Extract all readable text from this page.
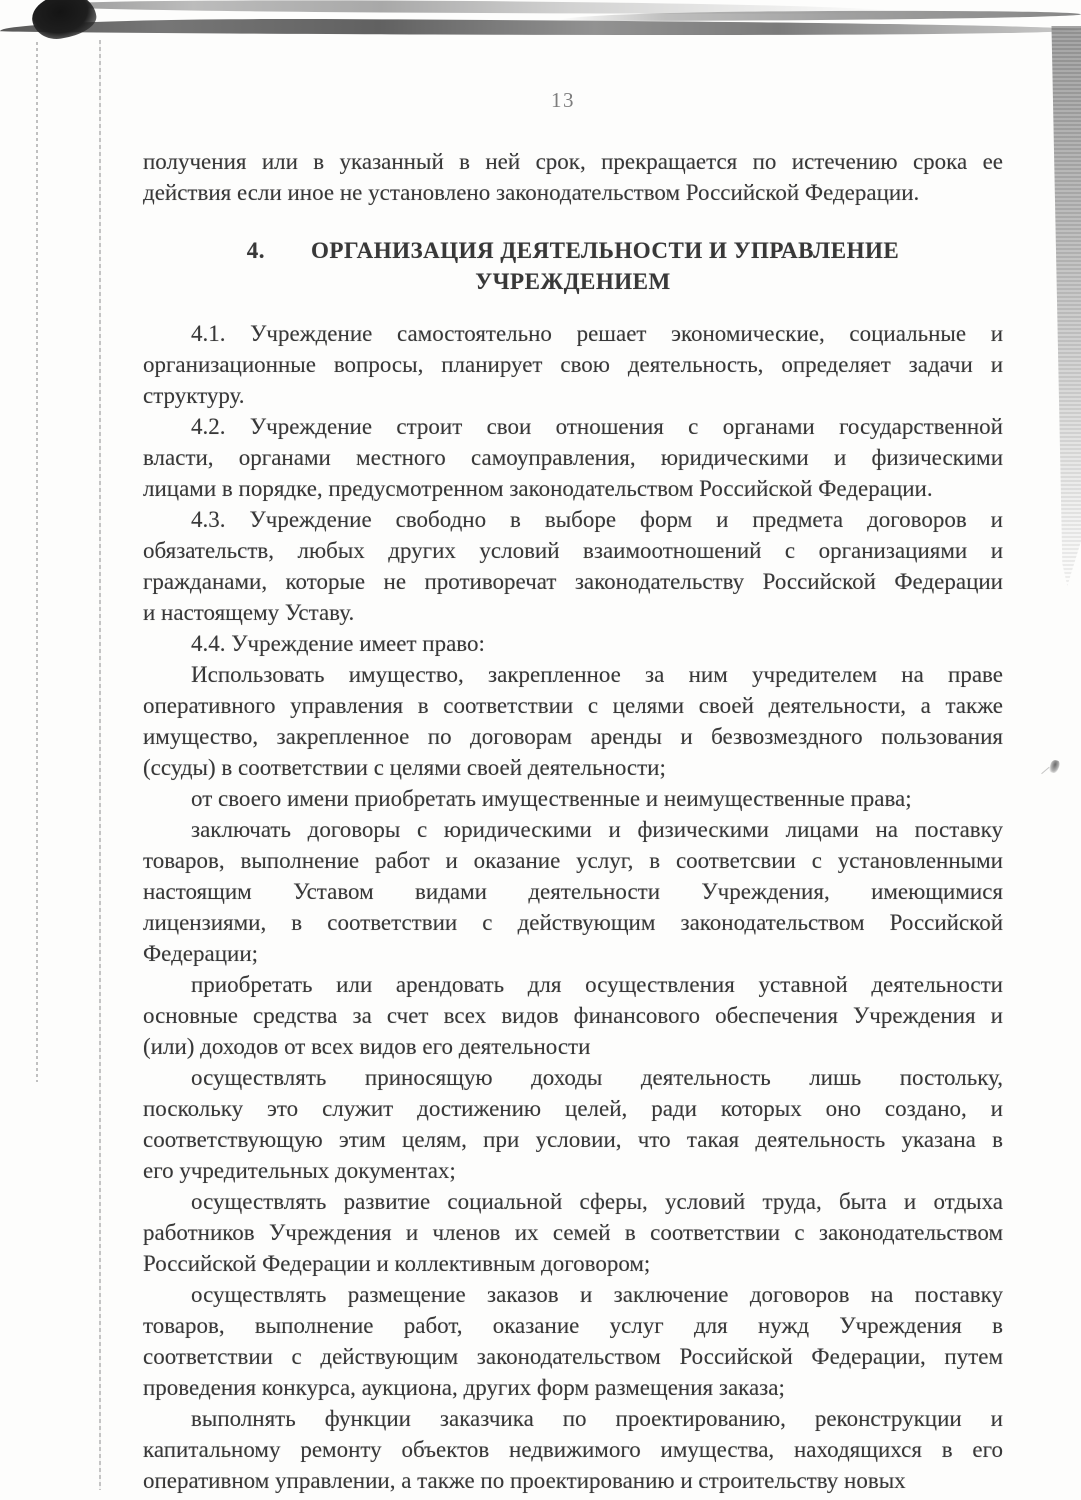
13

получения или в указанный в ней срок, прекращается по истечению срока ее
действия если иное не установлено законодательством Российской Федерации.

4. ОРГАНИЗАЦИЯ ДЕЯТЕЛЬНОСТИ И УПРАВЛЕНИЕ
УЧРЕЖДЕНИЕМ

4.1. Учреждение самостоятельно решает экономические, социальные и
организационные вопросы, планирует свою деятельность, определяет задачи и
структуру.

4.2. Учреждение строит свои отношения с органами государственной
власти, органами местного самоуправления, юридическими и физическими
лицами в порядке, предусмотренном законодательством Российской Федерации.

4.3. Учреждение свободно в выборе форм и предмета договоров и
обязательств, любых других условий взаимоотношений с организациями и
гражданами, которые не противоречат законодательству Российской Федерации
и настоящему Уставу.

4.4. Учреждение имеет право:

Использовать имущество, закрепленное за ним учредителем на праве
оперативного управления в соответствии с целями своей деятельности, а также
имущество, закрепленное по договорам аренды и безвозмездного пользования
(ссуды) в соответствии с целями своей деятельности;

от своего имени приобретать имущественные и неимущественные права;

заключать договоры с юридическими и физическими лицами на поставку
товаров, выполнение работ и оказание услуг, в соответсвии с установленными
настоящим Уставом видами деятельности Учреждения, имеющимися
лицензиями, в соответствии с действующим законодательством Российской
Федерации;

приобретать или арендовать для осуществления уставной деятельности
основные средства за счет всех видов финансового обеспечения Учреждения и
(или) доходов от всех видов его деятельности

осуществлять приносящую доходы деятельность лишь постольку,
поскольку это служит достижению целей, ради которых оно создано, и
соответствующую этим целям, при условии, что такая деятельность указана в
его учредительных документах;

осуществлять развитие социальной сферы, условий труда, быта и отдыха
работников Учреждения и членов их семей в соответствии с законодательством
Российской Федерации и коллективным договором;

осуществлять размещение заказов и заключение договоров на поставку
товаров, выполнение работ, оказание услуг для нужд Учреждения в
соответствии с действующим законодательством Российской Федерации, путем
проведения конкурса, аукциона, других форм размещения заказа;

выполнять функции заказчика по проектированию, реконструкции и
капитальному ремонту объектов недвижимого имущества, находящихся в его
оперативном управлении, а также по проектированию и строительству новых
